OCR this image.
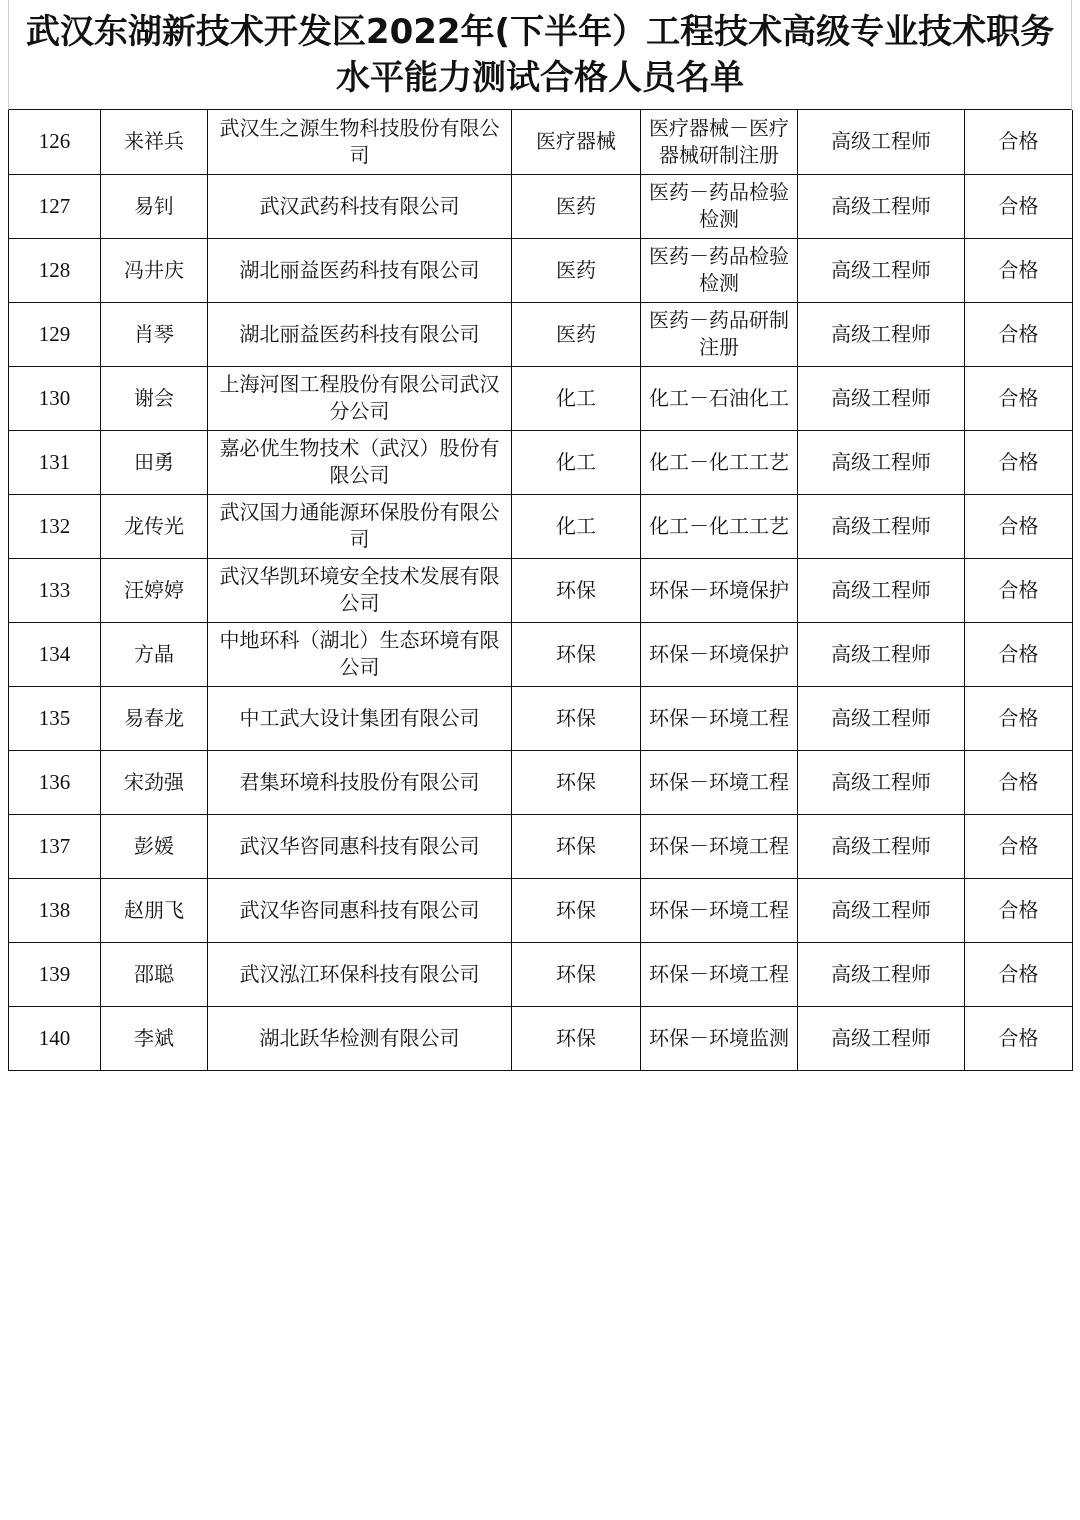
武汉东湖新技术开发区2022年(下半年）工程技术高级专业技术职务
水平能力测试合格人员名单
126	来祥兵	武汉生之源生物科技股份有限公司	医疗器械	医疗器械－医疗器械研制注册	高级工程师	合格
127	易钊	武汉武药科技有限公司	医药	医药－药品检验检测	高级工程师	合格
128	冯井庆	湖北丽益医药科技有限公司	医药	医药－药品检验检测	高级工程师	合格
129	肖琴	湖北丽益医药科技有限公司	医药	医药－药品研制注册	高级工程师	合格
130	谢会	上海河图工程股份有限公司武汉分公司	化工	化工－石油化工	高级工程师	合格
131	田勇	嘉必优生物技术（武汉）股份有限公司	化工	化工－化工工艺	高级工程师	合格
132	龙传光	武汉国力通能源环保股份有限公司	化工	化工－化工工艺	高级工程师	合格
133	汪婷婷	武汉华凯环境安全技术发展有限公司	环保	环保－环境保护	高级工程师	合格
134	方晶	中地环科（湖北）生态环境有限公司	环保	环保－环境保护	高级工程师	合格
135	易春龙	中工武大设计集团有限公司	环保	环保－环境工程	高级工程师	合格
136	宋劲强	君集环境科技股份有限公司	环保	环保－环境工程	高级工程师	合格
137	彭媛	武汉华咨同惠科技有限公司	环保	环保－环境工程	高级工程师	合格
138	赵朋飞	武汉华咨同惠科技有限公司	环保	环保－环境工程	高级工程师	合格
139	邵聪	武汉泓江环保科技有限公司	环保	环保－环境工程	高级工程师	合格
140	李斌	湖北跃华检测有限公司	环保	环保－环境监测	高级工程师	合格
